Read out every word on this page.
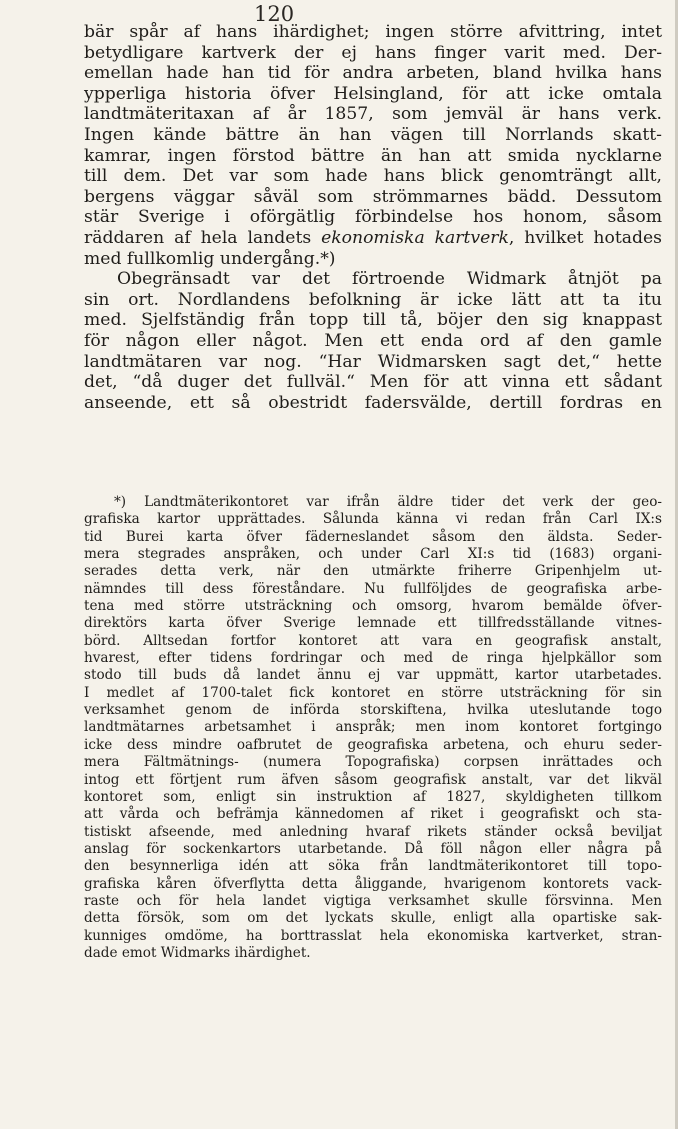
120
bär spår af hans ihärdighet; ingen större afvittring, intet
betydligare kartverk der ej hans finger varit med. Der-
emellan hade han tid för andra arbeten, bland hvilka hans
ypperliga historia öfver Helsingland, för att icke omtala
landtmäteritaxan af år 1857, som jemväl är hans verk.
Ingen kände bättre än han vägen till Norrlands skatt-
kamrar, ingen förstod bättre än han att smida nycklarne
till dem. Det var som hade hans blick genomträngt allt,
bergens väggar såväl som strömmarnes bädd. Dessutom
stär Sverige i oförgätlig förbindelse hos honom, såsom
räddaren af hela landets ekonomiska kartverk, hvilket hotades
med fullkomlig undergång.*)
Obegränsadt var det förtroende Widmark åtnjöt pa
sin ort. Nordlandens befolkning är icke lätt att ta itu
med. Sjelfständig från topp till tå, böjer den sig knappast
för någon eller något. Men ett enda ord af den gamle
landtmätaren var nog. “Har Widmarsken sagt det,“ hette
det, “då duger det fullväl.“ Men för att vinna ett sådant
anseende, ett så obestridt fadersvälde, dertill fordras en
*) Landtmäterikontoret var ifrån äldre tider det verk der geo-
grafiska kartor upprättades. Sålunda känna vi redan från Carl IX:s
tid Burei karta öfver fäderneslandet såsom den äldsta. Seder-
mera stegrades anspråken, och under Carl XI:s tid (1683) organi-
serades detta verk, när den utmärkte friherre Gripenhjelm ut-
nämndes till dess föreståndare. Nu fullföljdes de geografiska arbe-
tena med större utsträckning och omsorg, hvarom bemälde öfver-
direktörs karta öfver Sverige lemnade ett tillfredsställande vitnes-
börd. Alltsedan fortfor kontoret att vara en geografisk anstalt,
hvarest, efter tidens fordringar och med de ringa hjelpkällor som
stodo till buds då landet ännu ej var uppmätt, kartor utarbetades.
I medlet af 1700-talet fick kontoret en större utsträckning för sin
verksamhet genom de införda storskiftena, hvilka uteslutande togo
landtmätarnes arbetsamhet i anspråk; men inom kontoret fortgingo
icke dess mindre oafbrutet de geografiska arbetena, och ehuru seder-
mera Fältmätnings- (numera Topografiska) corpsen inrättades och
intog ett förtjent rum äfven såsom geografisk anstalt, var det likväl
kontoret som, enligt sin instruktion af 1827, skyldigheten tillkom
att vårda och befrämja kännedomen af riket i geografiskt och sta-
tistiskt afseende, med anledning hvaraf rikets ständer också beviljat
anslag för sockenkartors utarbetande. Då föll någon eller några på
den besynnerliga idén att söka från landtmäterikontoret till topo-
grafiska kåren öfverflytta detta åliggande, hvarigenom kontorets vack-
raste och för hela landet vigtiga verksamhet skulle försvinna. Men
detta försök, som om det lyckats skulle, enligt alla opartiske sak-
kunniges omdöme, ha borttrasslat hela ekonomiska kartverket, stran-
dade emot Widmarks ihärdighet.
